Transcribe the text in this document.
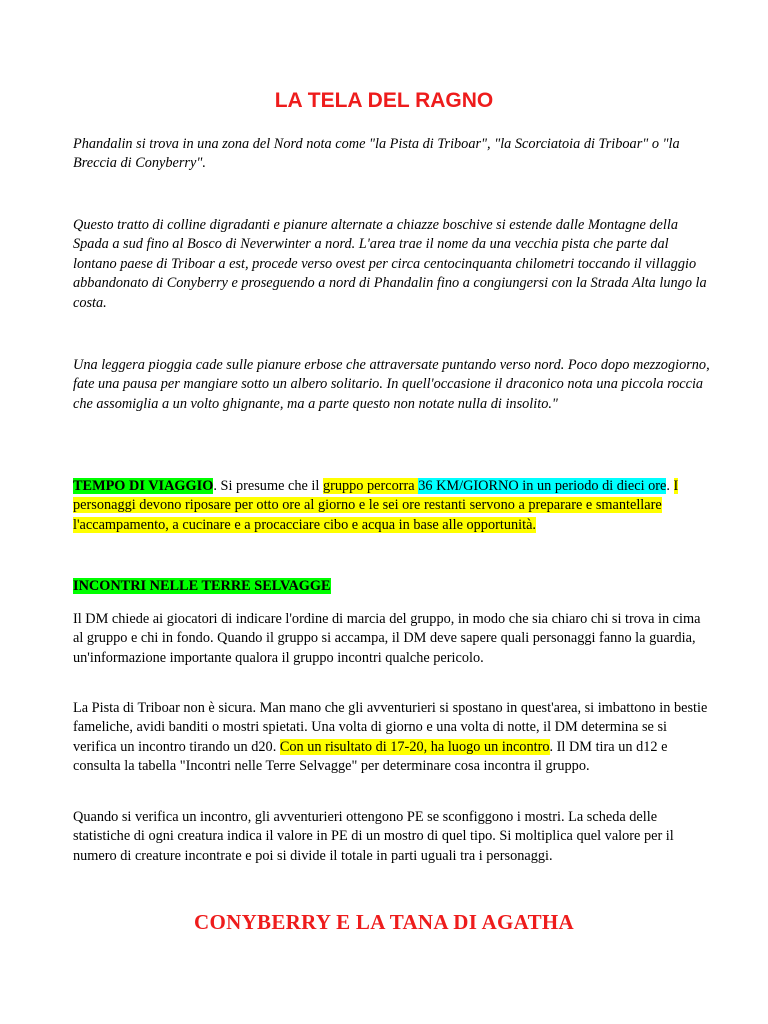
LA TELA DEL RAGNO

Phandalin si trova in una zona del Nord nota come "la Pista di Triboar", "la Scorciatoia di Triboar" o "la Breccia di Conyberry".

Questo tratto di colline digradanti e pianure alternate a chiazze boschive si estende dalle Montagne della Spada a sud fino al Bosco di Neverwinter a nord. L'area trae il nome da una vecchia pista che parte dal lontano paese di Triboar a est, procede verso ovest per circa centocinquanta chilometri toccando il villaggio abbandonato di Conyberry e proseguendo a nord di Phandalin fino a congiungersi con la Strada Alta lungo la costa.

Una leggera pioggia cade sulle pianure erbose che attraversate puntando verso nord. Poco dopo mezzogiorno, fate una pausa per mangiare sotto un albero solitario. In quell'occasione il draconico nota una piccola roccia che assomiglia a un volto ghignante, ma a parte questo non notate nulla di insolito."

TEMPO DI VIAGGIO. Si presume che il gruppo percorra 36 KM/GIORNO in un periodo di dieci ore. I personaggi devono riposare per otto ore al giorno e le sei ore restanti servono a preparare e smantellare l'accampamento, a cucinare e a procacciare cibo e acqua in base alle opportunità.

INCONTRI NELLE TERRE SELVAGGE

Il DM chiede ai giocatori di indicare l'ordine di marcia del gruppo, in modo che sia chiaro chi si trova in cima al gruppo e chi in fondo. Quando il gruppo si accampa, il DM deve sapere quali personaggi fanno la guardia, un'informazione importante qualora il gruppo incontri qualche pericolo.

La Pista di Triboar non è sicura. Man mano che gli avventurieri si spostano in quest'area, si imbattono in bestie fameliche, avidi banditi o mostri spietati. Una volta di giorno e una volta di notte, il DM determina se si verifica un incontro tirando un d20. Con un risultato di 17-20, ha luogo un incontro. Il DM tira un d12 e consulta la tabella "Incontri nelle Terre Selvagge" per determinare cosa incontra il gruppo.

Quando si verifica un incontro, gli avventurieri ottengono PE se sconfiggono i mostri. La scheda delle statistiche di ogni creatura indica il valore in PE di un mostro di quel tipo. Si moltiplica quel valore per il numero di creature incontrate e poi si divide il totale in parti uguali tra i personaggi.

CONYBERRY E LA TANA DI AGATHA
